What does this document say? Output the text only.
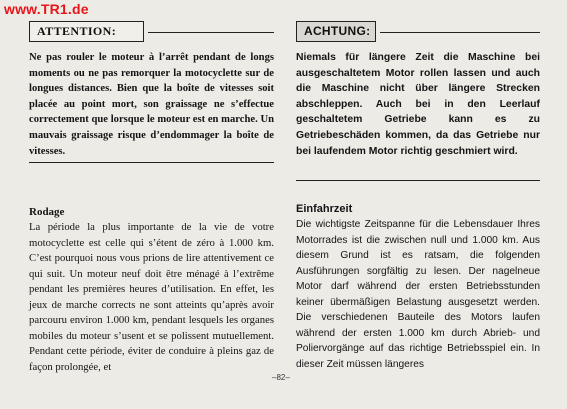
www.TR1.de
ATTENTION:

Ne pas rouler le moteur à l’arrêt pendant de longs moments ou ne pas remorquer la motocyclette sur de longues distances. Bien que la boîte de vitesses soit placée au point mort, son graissage ne s’effectue correctement que lorsque le moteur est en marche. Un mauvais graissage risque d’endommager la boîte de vitesses.

Rodage

La période la plus importante de la vie de votre motocyclette est celle qui s’étent de zéro à 1.000 km. C’est pourquoi nous vous prions de lire attentivement ce qui suit. Un moteur neuf doit être ménagé à l’extrême pendant les premières heures d’utilisation. En effet, les jeux de marche corrects ne sont atteints qu’après avoir parcouru environ 1.000 km, pendant lesquels les organes mobiles du moteur s’usent et se polissent mutuellement. Pendant cette période, éviter de conduire à pleins gaz de façon prolongée, et

ACHTUNG:

Niemals für längere Zeit die Maschine bei ausgeschaltetem Motor rollen lassen und auch die Maschine nicht über längere Strecken abschleppen. Auch bei in den Leerlauf geschaltetem Getriebe kann es zu Getriebeschäden kommen, da das Getriebe nur bei laufendem Motor richtig geschmiert wird.

Einfahrzeit

Die wichtigste Zeitspanne für die Lebensdauer Ihres Motorrades ist die zwischen null und 1.000 km. Aus diesem Grund ist es ratsam, die folgenden Ausführungen sorgfältig zu lesen. Der nagelneue Motor darf während der ersten Betriebsstunden keiner übermäßigen Belastung ausgesetzt werden. Die verschiedenen Bauteile des Motors laufen während der ersten 1.000 km durch Abrieb- und Poliervorgänge auf das richtige Betriebsspiel ein. In dieser Zeit müssen längeres

–82–
